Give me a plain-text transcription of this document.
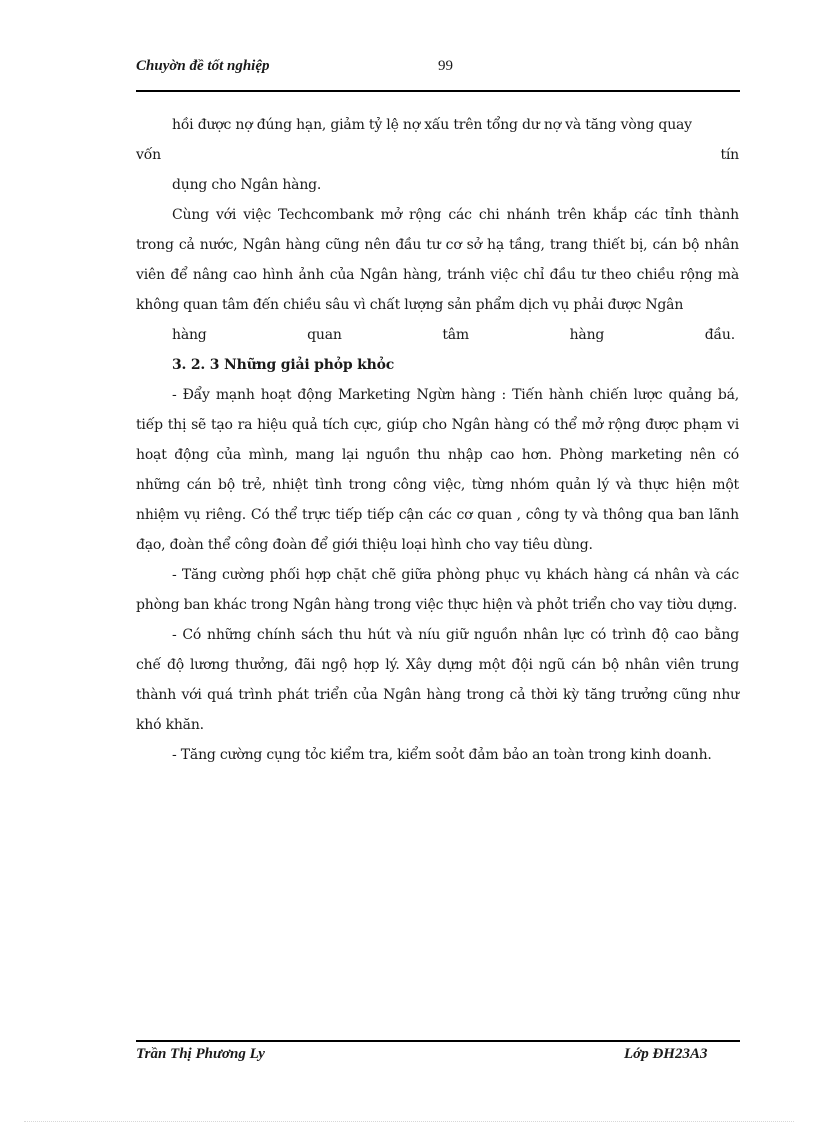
Chuyờn đề tốt nghiệp	99

hồi được nợ đúng hạn, giảm tỷ lệ nợ xấu trên tổng dư nợ và tăng vòng quay

vốn tín

dụng cho Ngân hàng.

Cùng với việc Techcombank mở rộng các chi nhánh trên khắp các tỉnh thành trong cả nước, Ngân hàng cũng nên đầu tư cơ sở hạ tầng, trang thiết bị, cán bộ nhân viên để nâng cao hình ảnh của Ngân hàng, tránh việc chỉ đầu tư theo chiều rộng mà không quan tâm đến chiều sâu vì chất lượng sản phẩm dịch vụ phải được Ngân

hàng quan tâm hàng đầu.

3. 2. 3 Những giải phỏp khỏc

- Đẩy mạnh hoạt động Marketing Ngừn hàng : Tiến hành chiến lược quảng bá, tiếp thị sẽ tạo ra hiệu quả tích cực, giúp cho Ngân hàng có thể mở rộng được phạm vi hoạt động của mình, mang lại nguồn thu nhập cao hơn. Phòng marketing nên có những cán bộ trẻ, nhiệt tình trong công việc, từng nhóm quản lý và thực hiện một nhiệm vụ riêng. Có thể trực tiếp tiếp cận các cơ quan , công ty và thông qua ban lãnh đạo, đoàn thể công đoàn để giới thiệu loại hình cho vay tiêu dùng.

- Tăng cường phối hợp chặt chẽ giữa phòng phục vụ khách hàng cá nhân và các phòng ban khác trong Ngân hàng trong việc thực hiện và phỏt triển cho vay tiờu dựng.

- Có những chính sách thu hút và níu giữ nguồn nhân lực có trình độ cao bằng chế độ lương thưởng, đãi ngộ hợp lý. Xây dựng một đội ngũ cán bộ nhân viên trung thành với quá trình phát triển của Ngân hàng trong cả thời kỳ tăng trưởng cũng như khó khăn.

- Tăng cường cụng tỏc kiểm tra, kiểm soỏt đảm bảo an toàn trong kinh doanh.

Trần Thị Phương Ly	Lớp ĐH23A3
